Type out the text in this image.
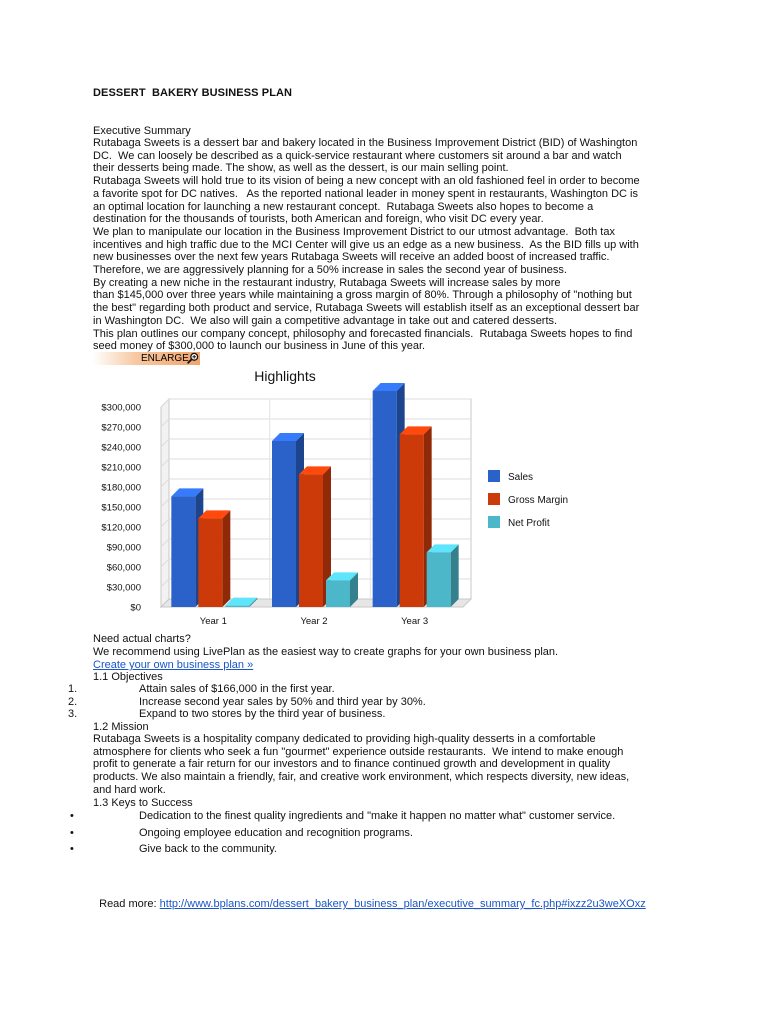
DESSERT  BAKERY BUSINESS PLAN
Executive Summary
Rutabaga Sweets is a dessert bar and bakery located in the Business Improvement District (BID) of Washington
DC.  We can loosely be described as a quick-service restaurant where customers sit around a bar and watch
their desserts being made. The show, as well as the dessert, is our main selling point.
Rutabaga Sweets will hold true to its vision of being a new concept with an old fashioned feel in order to become
a favorite spot for DC natives.   As the reported national leader in money spent in restaurants, Washington DC is
an optimal location for launching a new restaurant concept.  Rutabaga Sweets also hopes to become a
destination for the thousands of tourists, both American and foreign, who visit DC every year.
We plan to manipulate our location in the Business Improvement District to our utmost advantage.  Both tax
incentives and high traffic due to the MCI Center will give us an edge as a new business.  As the BID fills up with
new businesses over the next few years Rutabaga Sweets will receive an added boost of increased traffic.
Therefore, we are aggressively planning for a 50% increase in sales the second year of business.
By creating a new niche in the restaurant industry, Rutabaga Sweets will increase sales by more
than $145,000 over three years while maintaining a gross margin of 80%. Through a philosophy of "nothing but
the best" regarding both product and service, Rutabaga Sweets will establish itself as an exceptional dessert bar
in Washington DC.  We also will gain a competitive advantage in take out and catered desserts.
This plan outlines our company concept, philosophy and forecasted financials.  Rutabaga Sweets hopes to find
seed money of $300,000 to launch our business in June of this year.
ENLARGE
$0
$30,000
$60,000
$90,000
$120,000
$150,000
$180,000
$210,000
$240,000
$270,000
$300,000
Year 1	Year 2	Year 3
Sales
Gross Margin
Net Profit
Highlights
Need actual charts?
We recommend using LivePlan as the easiest way to create graphs for your own business plan.
Create your own business plan »
1.1 Objectives
1.	Attain sales of $166,000 in the first year.
2.	Increase second year sales by 50% and third year by 30%.
3.	Expand to two stores by the third year of business.
1.2 Mission
Rutabaga Sweets is a hospitality company dedicated to providing high-quality desserts in a comfortable
atmosphere for clients who seek a fun "gourmet" experience outside restaurants.  We intend to make enough
profit to generate a fair return for our investors and to finance continued growth and development in quality
products. We also maintain a friendly, fair, and creative work environment, which respects diversity, new ideas,
and hard work.
1.3 Keys to Success
•	Dedication to the finest quality ingredients and "make it happen no matter what" customer service.
•	Ongoing employee education and recognition programs.
•	Give back to the community.

Read more: http://www.bplans.com/dessert_bakery_business_plan/executive_summary_fc.php#ixzz2u3weXOxz
